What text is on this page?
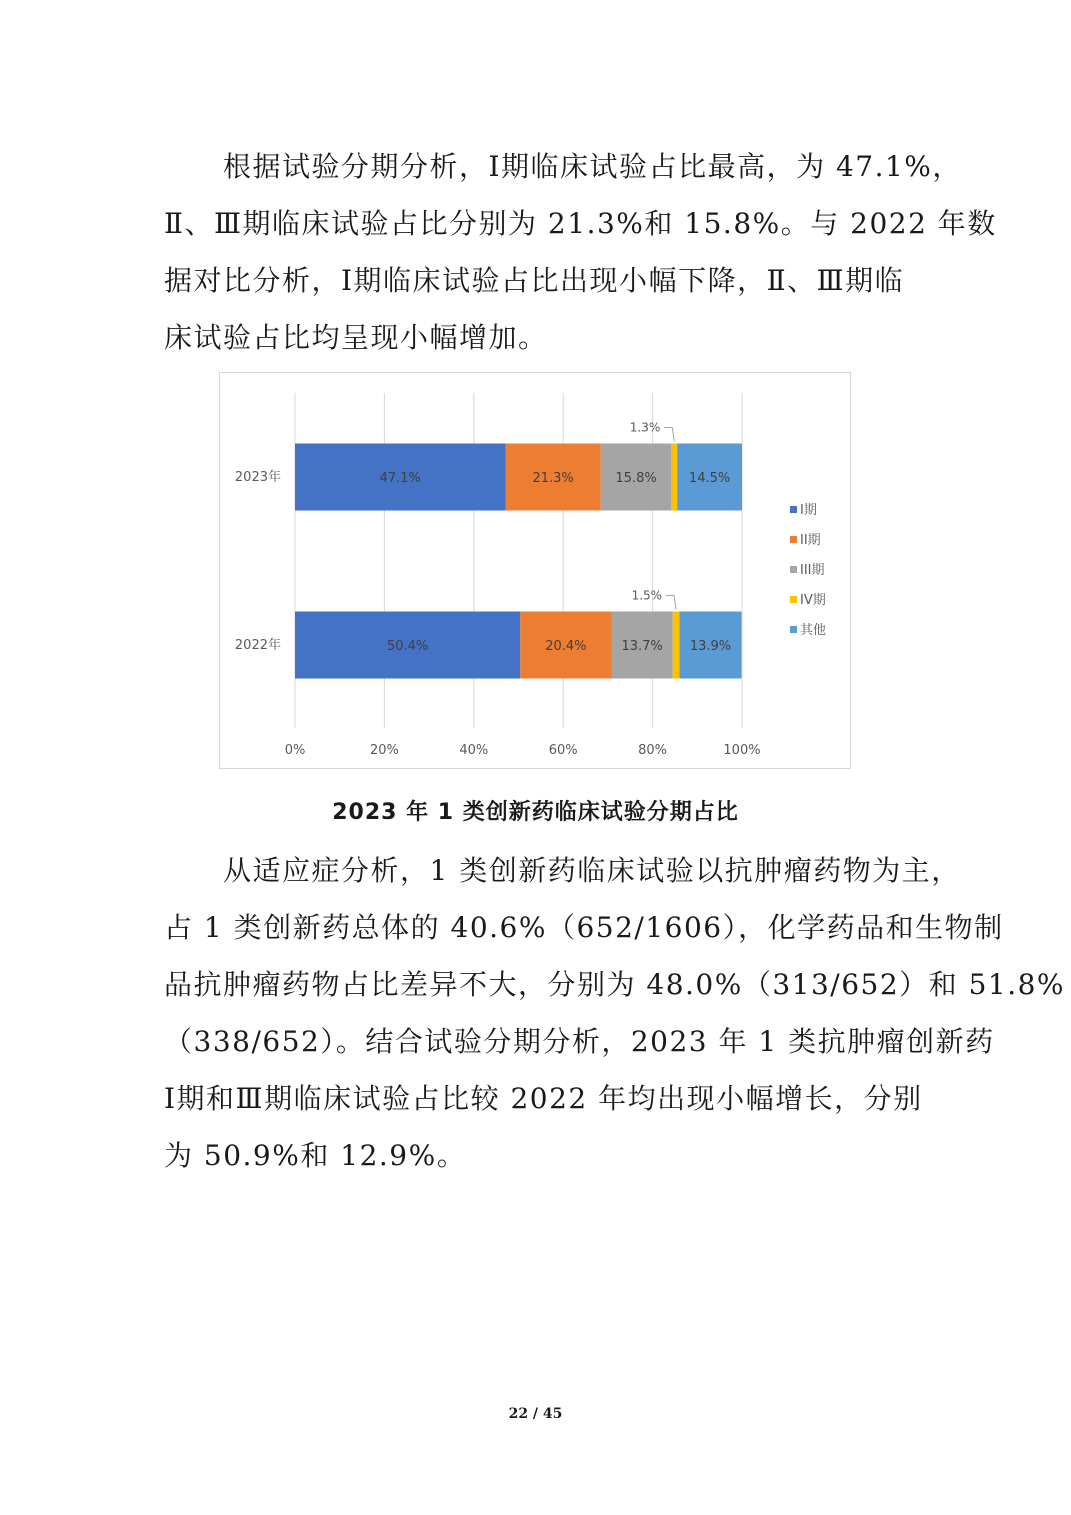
　　根据试验分期分析，Ⅰ期临床试验占比最高，为 47.1%，
Ⅱ、Ⅲ期临床试验占比分别为 21.3%和 15.8%。与 2022 年数
据对比分析，Ⅰ期临床试验占比出现小幅下降，Ⅱ、Ⅲ期临
床试验占比均呈现小幅增加。
0%	20%	40%	60%	80%	100%
2023年	47.1%	21.3%	15.8%
1.3%
14.5%
2022年	50.4%	20.4%	13.7%
1.5%
13.9%
I期
II期
III期
IV期
其他
2023 年 1 类创新药临床试验分期占比
　　从适应症分析，1 类创新药临床试验以抗肿瘤药物为主，
占 1 类创新药总体的 40.6%（652/1606），化学药品和生物制
品抗肿瘤药物占比差异不大，分别为 48.0%（313/652）和 51.8%
（338/652）。结合试验分期分析，2023 年 1 类抗肿瘤创新药
Ⅰ期和Ⅲ期临床试验占比较 2022 年均出现小幅增长，分别
为 50.9%和 12.9%。
22 / 45
